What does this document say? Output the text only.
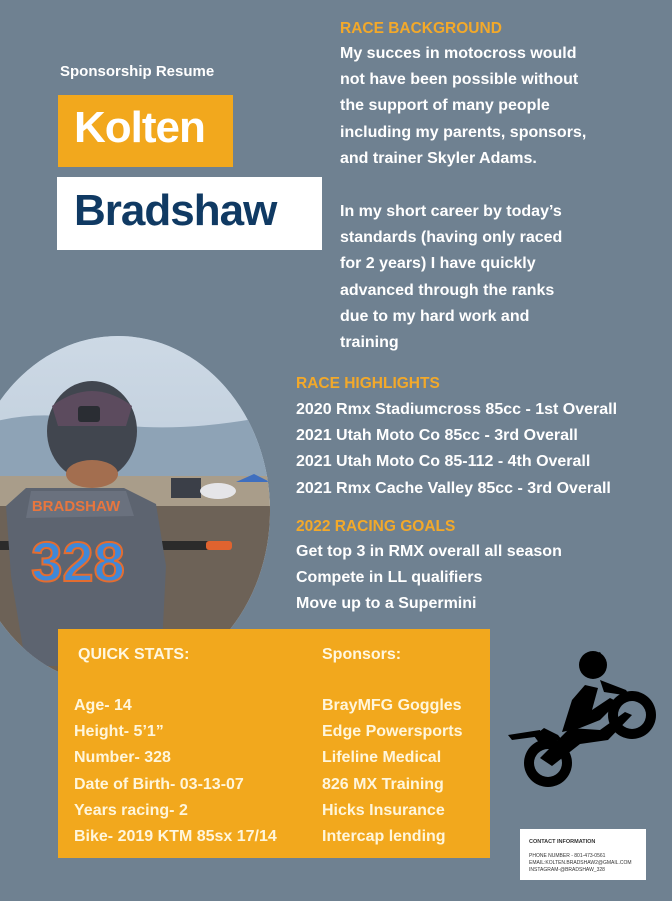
Sponsorship Resume
Kolten
Bradshaw
RACE BACKGROUND
My succes in motocross would
not have been possible without
the support of many people
including my parents, sponsors,
and trainer Skyler Adams.
In my short career by today’s
standards (having only raced
for 2 years) I have quickly
advanced through the ranks
due to my hard work and
training
RACE HIGHLIGHTS
2020 Rmx Stadiumcross 85cc - 1st Overall
2021 Utah Moto Co 85cc - 3rd Overall
2021 Utah Moto Co 85-112 - 4th Overall
2021 Rmx Cache Valley 85cc - 3rd Overall
2022 RACING GOALS
Get top 3 in RMX overall all season
Compete in LL qualifiers
Move up to a Supermini
BRADSHAW
328
QUICK STATS:	Sponsors:
Age- 14
Height- 5’1”
Number- 328
Date of Birth- 03-13-07
Years racing- 2
Bike- 2019 KTM 85sx 17/14
BrayMFG Goggles
Edge Powersports
Lifeline Medical
826 MX Training
Hicks Insurance
Intercap lending	CONTACT INFORMATION
PHONE NUMBER - 801-473-0561
EMAIL:KOLTEN.BRADSHAW2@GMAIL.COM
INSTAGRAM-@BRADSHAW_328
